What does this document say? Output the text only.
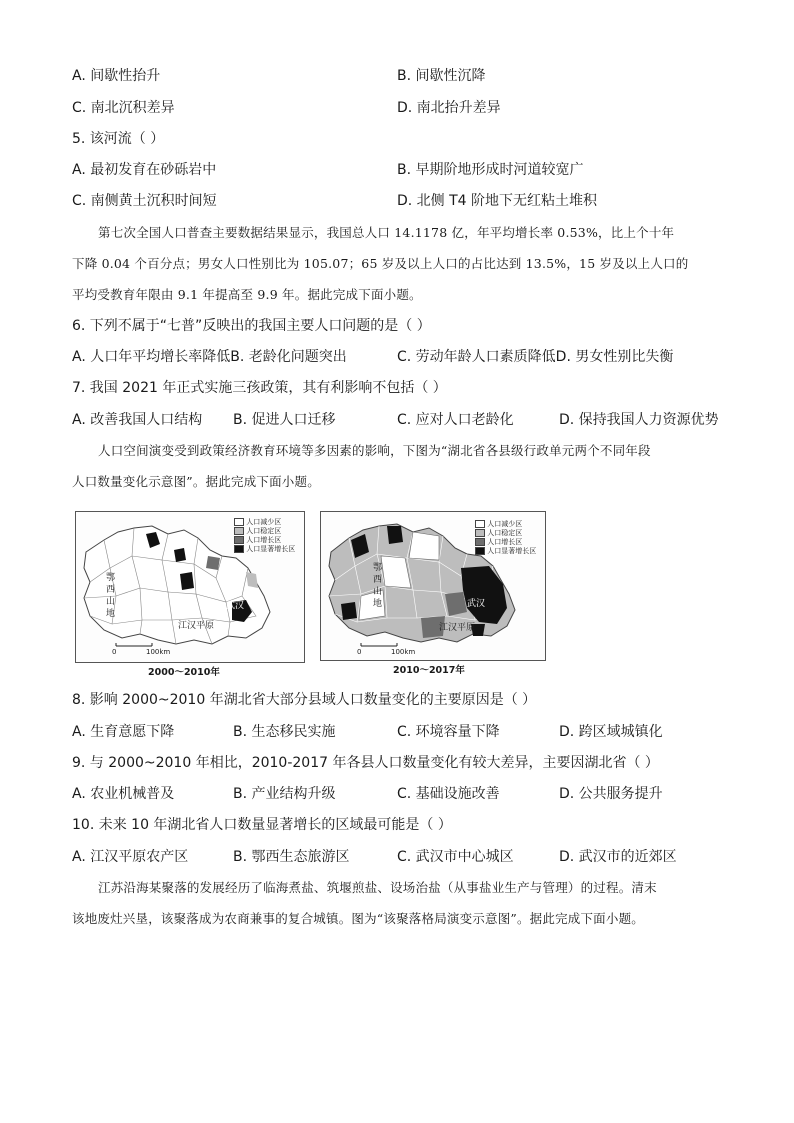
A. 间歇性抬升	B. 间歇性沉降
C. 南北沉积差异	D. 南北抬升差异
5. 该河流（ ）
A. 最初发育在砂砾岩中	B. 早期阶地形成时河道较宽广
C. 南侧黄土沉积时间短	D. 北侧 T4 阶地下无红粘土堆积
第七次全国人口普查主要数据结果显示，我国总人口 14.1178 亿，年平均增长率 0.53%，比上个十年
下降 0.04 个百分点；男女人口性别比为 105.07；65 岁及以上人口的占比达到 13.5%，15 岁及以上人口的
平均受教育年限由 9.1 年提高至 9.9 年。据此完成下面小题。
6. 下列不属于“七普”反映出的我国主要人口问题的是（ ）
A. 人口年平均增长率降低B. 老龄化问题突出	C. 劳动年龄人口素质降低D. 男女性别比失衡
7. 我国 2021 年正式实施三孩政策，其有利影响不包括（ ）
A. 改善我国人口结构 B. 促进人口迁移	C. 应对人口老龄化	D. 保持我国人力资源优势
人口空间演变受到政策经济教育环境等多因素的影响，下图为“湖北省各县级行政单元两个不同年段
人口数量变化示意图”。据此完成下面小题。
鄂西山地
江汉平原
武汉
0	100km
人口减少区
人口稳定区
人口增长区
人口显著增长区
2000～2010年
鄂西山地
江汉平原
武汉
0	100km
人口减少区
人口稳定区
人口增长区
人口显著增长区
2010～2017年
8. 影响 2000~2010 年湖北省大部分县域人口数量变化的主要原因是（ ）
A. 生育意愿下降	B. 生态移民实施	C. 环境容量下降	D. 跨区域城镇化
9. 与 2000~2010 年相比，2010-2017 年各县人口数量变化有较大差异，主要因湖北省（ ）
A. 农业机械普及	B. 产业结构升级	C. 基础设施改善	D. 公共服务提升
10. 未来 10 年湖北省人口数量显著增长的区域最可能是（ ）
A. 江汉平原农产区	B. 鄂西生态旅游区	C. 武汉市中心城区	D. 武汉市的近郊区
江苏沿海某聚落的发展经历了临海煮盐、筑堰煎盐、设场治盐（从事盐业生产与管理）的过程。清末
该地废灶兴垦，该聚落成为农商兼事的复合城镇。图为“该聚落格局演变示意图”。据此完成下面小题。
